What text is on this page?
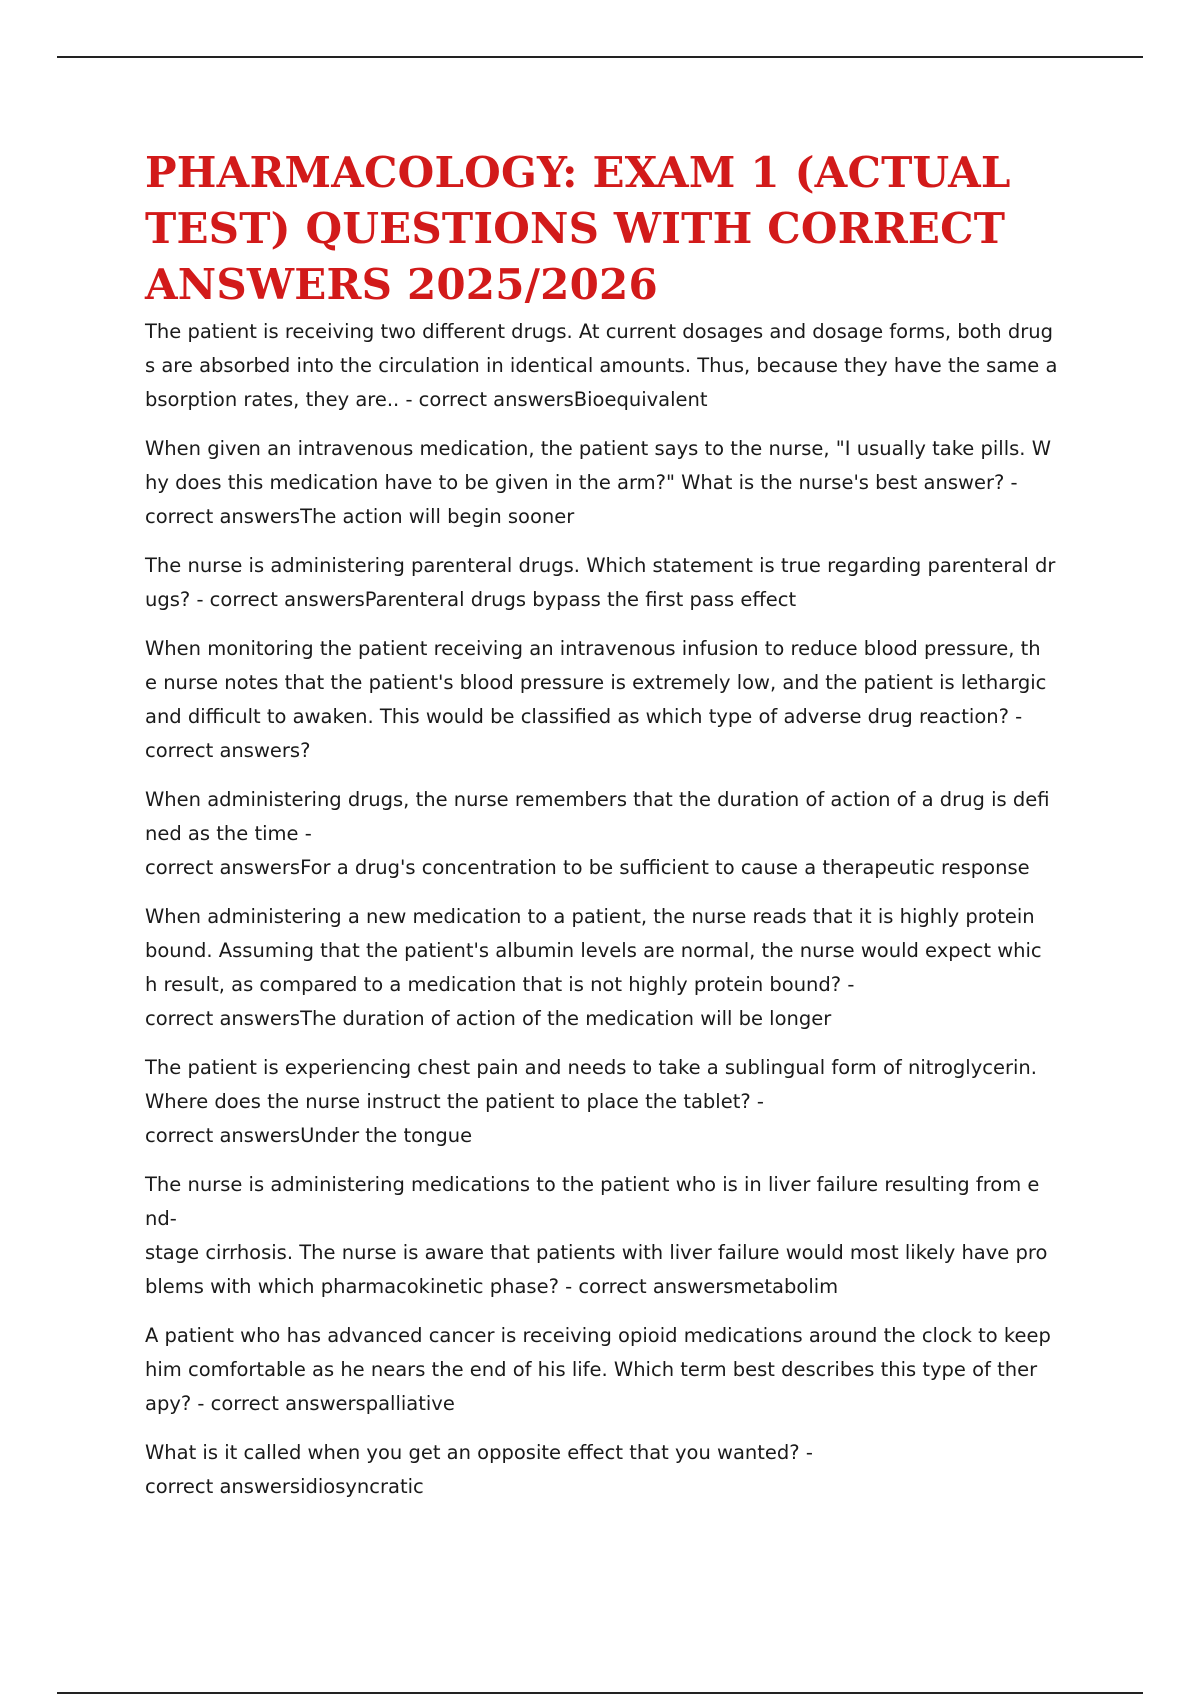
PHARMACOLOGY: EXAM 1 (ACTUAL
TEST) QUESTIONS WITH CORRECT
ANSWERS 2025/2026
The patient is receiving two different drugs. At current dosages and dosage forms, both drug
s are absorbed into the circulation in identical amounts. Thus, because they have the same a
bsorption rates, they are.. - correct answersBioequivalent
When given an intravenous medication, the patient says to the nurse, "I usually take pills. W
hy does this medication have to be given in the arm?" What is the nurse's best answer? -
correct answersThe action will begin sooner
The nurse is administering parenteral drugs. Which statement is true regarding parenteral dr
ugs? - correct answersParenteral drugs bypass the first pass effect
When monitoring the patient receiving an intravenous infusion to reduce blood pressure, th
e nurse notes that the patient's blood pressure is extremely low, and the patient is lethargic
and difficult to awaken. This would be classified as which type of adverse drug reaction? -
correct answers?
When administering drugs, the nurse remembers that the duration of action of a drug is defi
ned as the time -
correct answersFor a drug's concentration to be sufficient to cause a therapeutic response
When administering a new medication to a patient, the nurse reads that it is highly protein
bound. Assuming that the patient's albumin levels are normal, the nurse would expect whic
h result, as compared to a medication that is not highly protein bound? -
correct answersThe duration of action of the medication will be longer
The patient is experiencing chest pain and needs to take a sublingual form of nitroglycerin.
Where does the nurse instruct the patient to place the tablet? -
correct answersUnder the tongue
The nurse is administering medications to the patient who is in liver failure resulting from e
nd-
stage cirrhosis. The nurse is aware that patients with liver failure would most likely have pro
blems with which pharmacokinetic phase? - correct answersmetabolim
A patient who has advanced cancer is receiving opioid medications around the clock to keep
him comfortable as he nears the end of his life. Which term best describes this type of ther
apy? - correct answerspalliative
What is it called when you get an opposite effect that you wanted? -
correct answersidiosyncratic
